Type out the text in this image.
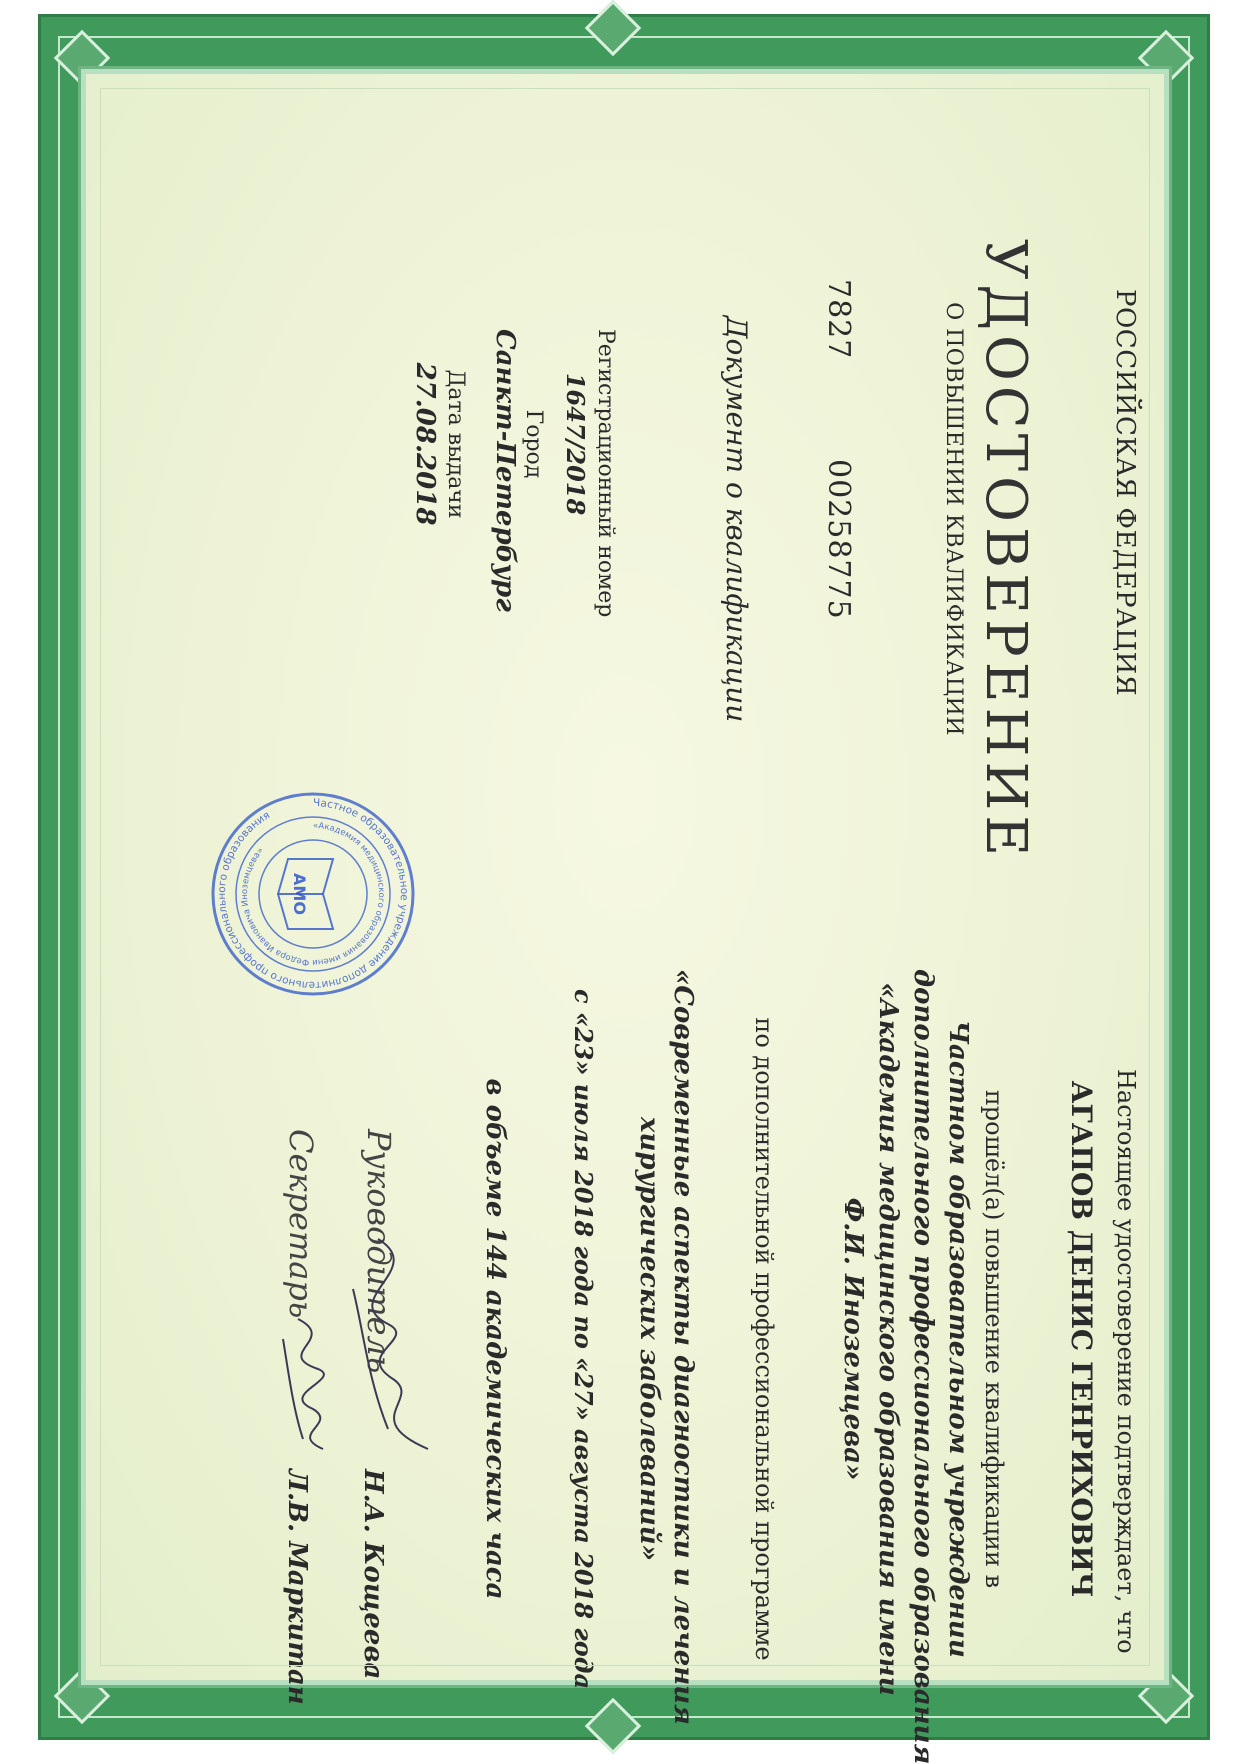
РОССИЙСКАЯ ФЕДЕРАЦИЯ
УДОСТОВЕРЕНИЕ
О ПОВЫШЕНИИ КВАЛИФИКАЦИИ
7827
00258775
Документ о квалификации
Регистрационный номер
1647/2018
Город
Санкт-Петербург
Дата выдачи
27.08.2018
Настоящее удостоверение подтверждает, что
АГАПОВ ДЕНИС ГЕНРИХОВИЧ
прошёл(а) повышение квалификации в
Частном образовательном учреждении
дополнительного профессионального образования
«Академия медицинского образования имени
Ф.И. Иноземцева»
по дополнительной профессиональной программе
«Современные аспекты диагностики и лечения
хирургических заболеваний»
с «23» июля 2018 года по «27» августа 2018 года
в объеме 144 академических часа
Руководитель
Н.А. Кощеева
Секретарь
Л.В. Маркитан
Частное образовательное учреждение дополнительного профессионального образования
«Академия медицинского образования имени Федора Ивановича Иноземцева»
АМО
